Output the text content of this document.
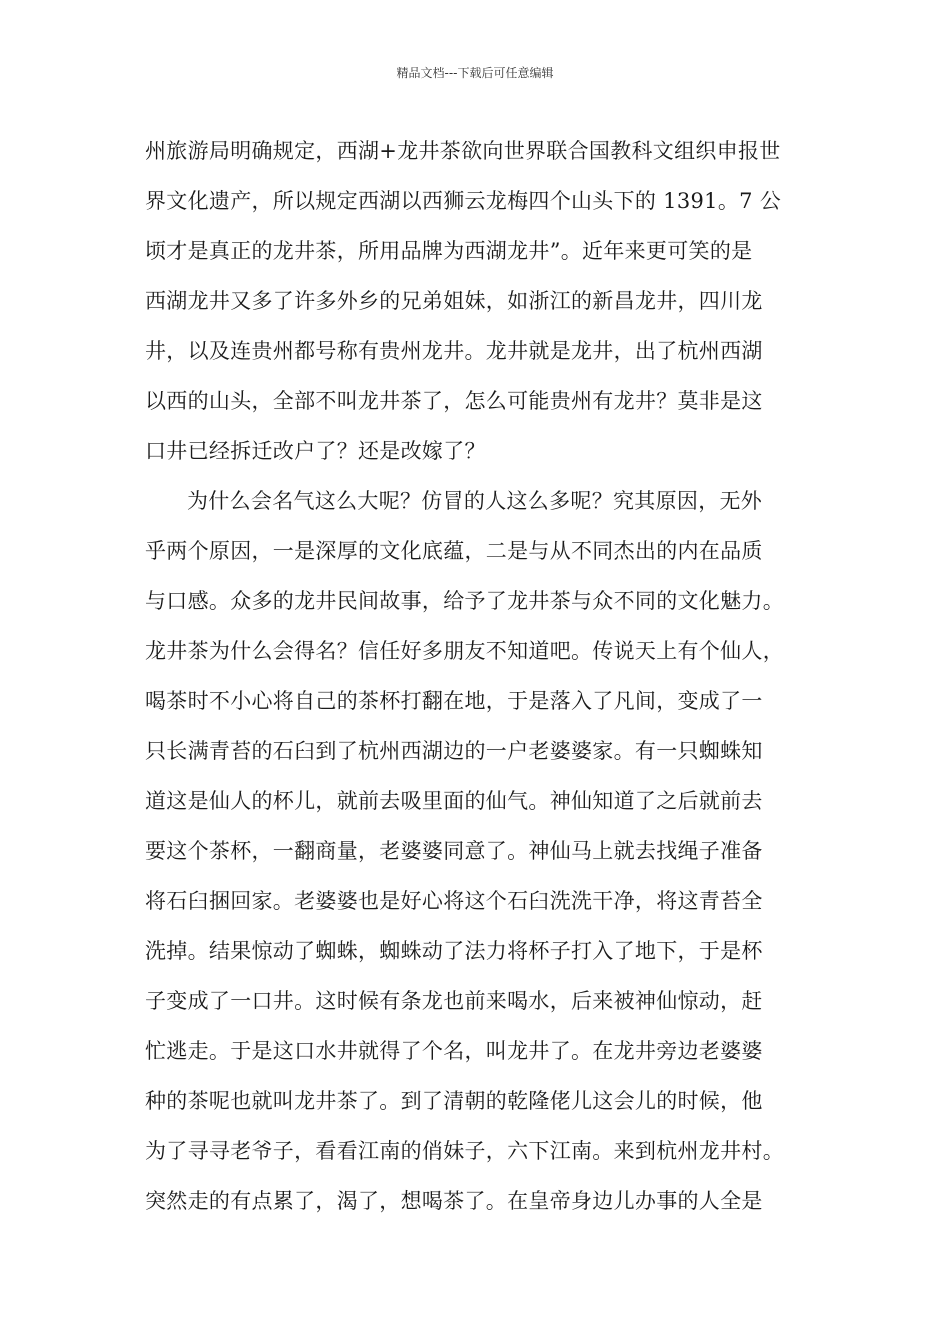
精品文档---下载后可任意编辑
州旅游局明确规定，西湖+龙井茶欲向世界联合国教科文组织申报世
界文化遗产，所以规定西湖以西狮云龙梅四个山头下的 1391。7 公
顷才是真正的龙井茶，所用品牌为西湖龙井”。近年来更可笑的是
西湖龙井又多了许多外乡的兄弟姐妹，如浙江的新昌龙井，四川龙
井，以及连贵州都号称有贵州龙井。龙井就是龙井，出了杭州西湖
以西的山头，全部不叫龙井茶了，怎么可能贵州有龙井？莫非是这
口井已经拆迁改户了？还是改嫁了？
为什么会名气这么大呢？仿冒的人这么多呢？究其原因，无外
乎两个原因，一是深厚的文化底蕴，二是与从不同杰出的内在品质
与口感。众多的龙井民间故事，给予了龙井茶与众不同的文化魅力。
龙井茶为什么会得名？信任好多朋友不知道吧。传说天上有个仙人，
喝茶时不小心将自己的茶杯打翻在地，于是落入了凡间，变成了一
只长满青苔的石臼到了杭州西湖边的一户老婆婆家。有一只蜘蛛知
道这是仙人的杯儿，就前去吸里面的仙气。神仙知道了之后就前去
要这个茶杯，一翻商量，老婆婆同意了。神仙马上就去找绳子准备
将石臼捆回家。老婆婆也是好心将这个石臼洗洗干净，将这青苔全
洗掉。结果惊动了蜘蛛，蜘蛛动了法力将杯子打入了地下，于是杯
子变成了一口井。这时候有条龙也前来喝水，后来被神仙惊动，赶
忙逃走。于是这口水井就得了个名，叫龙井了。在龙井旁边老婆婆
种的茶呢也就叫龙井茶了。到了清朝的乾隆佬儿这会儿的时候，他
为了寻寻老爷子，看看江南的俏妹子，六下江南。来到杭州龙井村。
突然走的有点累了，渴了，想喝茶了。在皇帝身边儿办事的人全是
